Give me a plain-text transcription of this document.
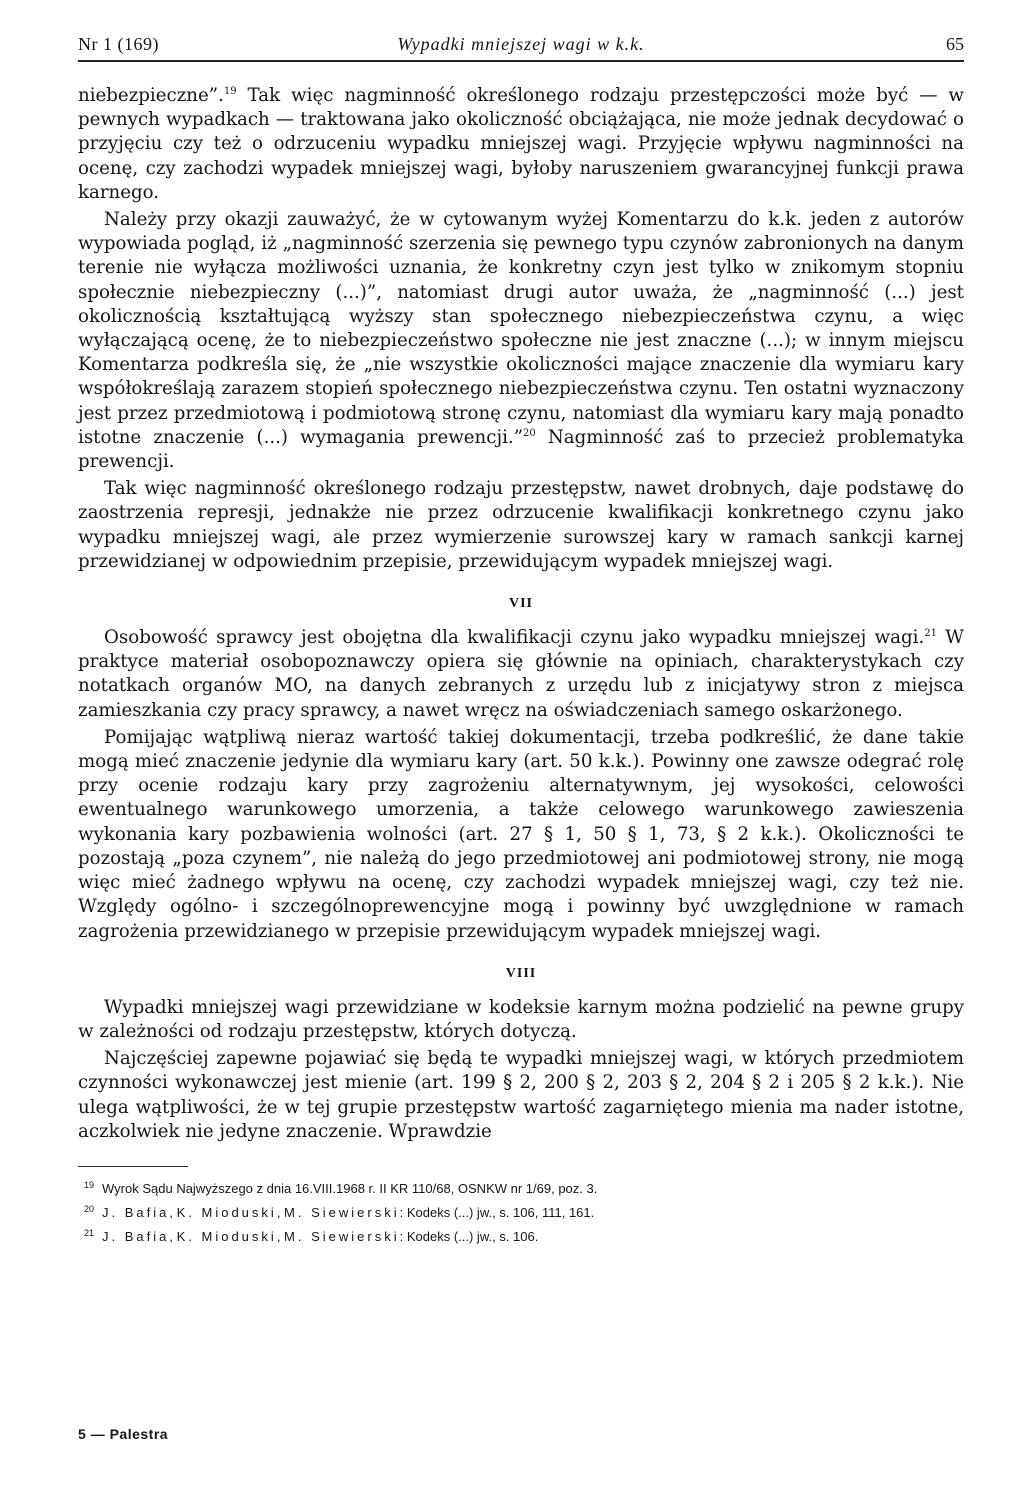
Nr 1 (169)	Wypadki mniejszej wagi w k.k.	65

niebezpieczne”.$^{19}$ Tak więc nagminność określonego rodzaju przestępczości może być — w pewnych wypadkach — traktowana jako okoliczność obciążająca, nie może jednak decydować o przyjęciu czy też o odrzuceniu wypadku mniejszej wagi. Przyjęcie wpływu nagminności na ocenę, czy zachodzi wypadek mniejszej wagi, byłoby naruszeniem gwarancyjnej funkcji prawa karnego.

Należy przy okazji zauważyć, że w cytowanym wyżej Komentarzu do k.k. jeden z autorów wypowiada pogląd, iż „nagminność szerzenia się pewnego typu czynów zabronionych na danym terenie nie wyłącza możliwości uznania, że konkretny czyn jest tylko w znikomym stopniu społecznie niebezpieczny (...)”, natomiast drugi autor uważa, że „nagminność (...) jest okolicznością kształtującą wyższy stan społecznego niebezpieczeństwa czynu, a więc wyłączającą ocenę, że to niebezpieczeństwo społeczne nie jest znaczne (...); w innym miejscu Komentarza podkreśla się, że „nie wszystkie okoliczności mające znaczenie dla wymiaru kary współokreślają zarazem stopień społecznego niebezpieczeństwa czynu. Ten ostatni wyznaczony jest przez przedmiotową i podmiotową stronę czynu, natomiast dla wymiaru kary mają ponadto istotne znaczenie (...) wymagania prewencji.”$^{20}$ Nagminność zaś to przecież problematyka prewencji.

Tak więc nagminność określonego rodzaju przestępstw, nawet drobnych, daje podstawę do zaostrzenia represji, jednakże nie przez odrzucenie kwalifikacji konkretnego czynu jako wypadku mniejszej wagi, ale przez wymierzenie surowszej kary w ramach sankcji karnej przewidzianej w odpowiednim przepisie, przewidującym wypadek mniejszej wagi.

VII

Osobowość sprawcy jest obojętna dla kwalifikacji czynu jako wypadku mniejszej wagi.$^{21}$ W praktyce materiał osobopoznawczy opiera się głównie na opiniach, charakterystykach czy notatkach organów MO, na danych zebranych z urzędu lub z inicjatywy stron z miejsca zamieszkania czy pracy sprawcy, a nawet wręcz na oświadczeniach samego oskarżonego.

Pomijając wątpliwą nieraz wartość takiej dokumentacji, trzeba podkreślić, że dane takie mogą mieć znaczenie jedynie dla wymiaru kary (art. 50 k.k.). Powinny one zawsze odegrać rolę przy ocenie rodzaju kary przy zagrożeniu alternatywnym, jej wysokości, celowości ewentualnego warunkowego umorzenia, a także celowego warunkowego zawieszenia wykonania kary pozbawienia wolności (art. 27 § 1, 50 § 1, 73, § 2 k.k.). Okoliczności te pozostają „poza czynem”, nie należą do jego przedmiotowej ani podmiotowej strony, nie mogą więc mieć żadnego wpływu na ocenę, czy zachodzi wypadek mniejszej wagi, czy też nie. Względy ogólno- i szczególnoprewencyjne mogą i powinny być uwzględnione w ramach zagrożenia przewidzianego w przepisie przewidującym wypadek mniejszej wagi.

VIII

Wypadki mniejszej wagi przewidziane w kodeksie karnym można podzielić na pewne grupy w zależności od rodzaju przestępstw, których dotyczą.

Najczęściej zapewne pojawiać się będą te wypadki mniejszej wagi, w których przedmiotem czynności wykonawczej jest mienie (art. 199 § 2, 200 § 2, 203 § 2, 204 § 2 i 205 § 2 k.k.). Nie ulega wątpliwości, że w tej grupie przestępstw wartość zagarniętego mienia ma nader istotne, aczkolwiek nie jedyne znaczenie. Wprawdzie

$^{19}$ Wyrok Sądu Najwyższego z dnia 16.VIII.1968 r. II KR 110/68, OSNKW nr 1/69, poz. 3.
$^{20}$ J. Bafia, K. Mioduski, M. Siewierski: Kodeks (...) jw., s. 106, 111, 161.
$^{21}$ J. Bafia, K. Mioduski, M. Siewierski: Kodeks (...) jw., s. 106.
5 — Palestra
